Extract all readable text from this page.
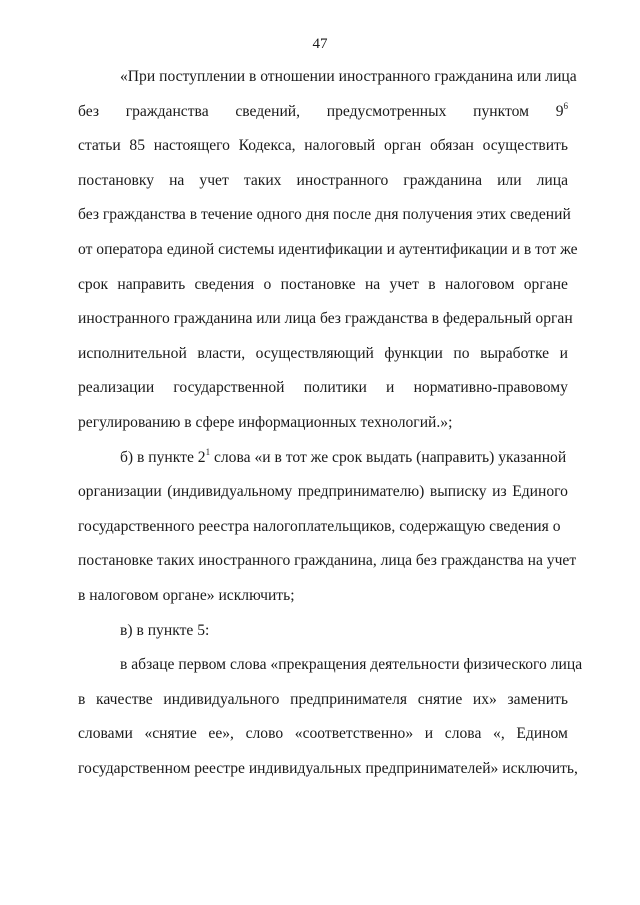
47
«При поступлении в отношении иностранного гражданина или лица
без гражданства сведений, предусмотренных пунктом $9^6$
статьи 85 настоящего Кодекса, налоговый орган обязан осуществить
постановку на учет таких иностранного гражданина или лица
без гражданства в течение одного дня после дня получения этих сведений
от оператора единой системы идентификации и аутентификации и в тот же
срок направить сведения о постановке на учет в налоговом органе
иностранного гражданина или лица без гражданства в федеральный орган
исполнительной власти, осуществляющий функции по выработке и
реализации государственной политики и нормативно-правовому
регулированию в сфере информационных технологий.»;
б) в пункте $2^1$ слова «и в тот же срок выдать (направить) указанной
организации (индивидуальному предпринимателю) выписку из Единого
государственного реестра налогоплательщиков, содержащую сведения о
постановке таких иностранного гражданина, лица без гражданства на учет
в налоговом органе» исключить;
в) в пункте 5:
в абзаце первом слова «прекращения деятельности физического лица
в качестве индивидуального предпринимателя снятие их» заменить
словами «снятие ее», слово «соответственно» и слова «, Едином
государственном реестре индивидуальных предпринимателей» исключить,
